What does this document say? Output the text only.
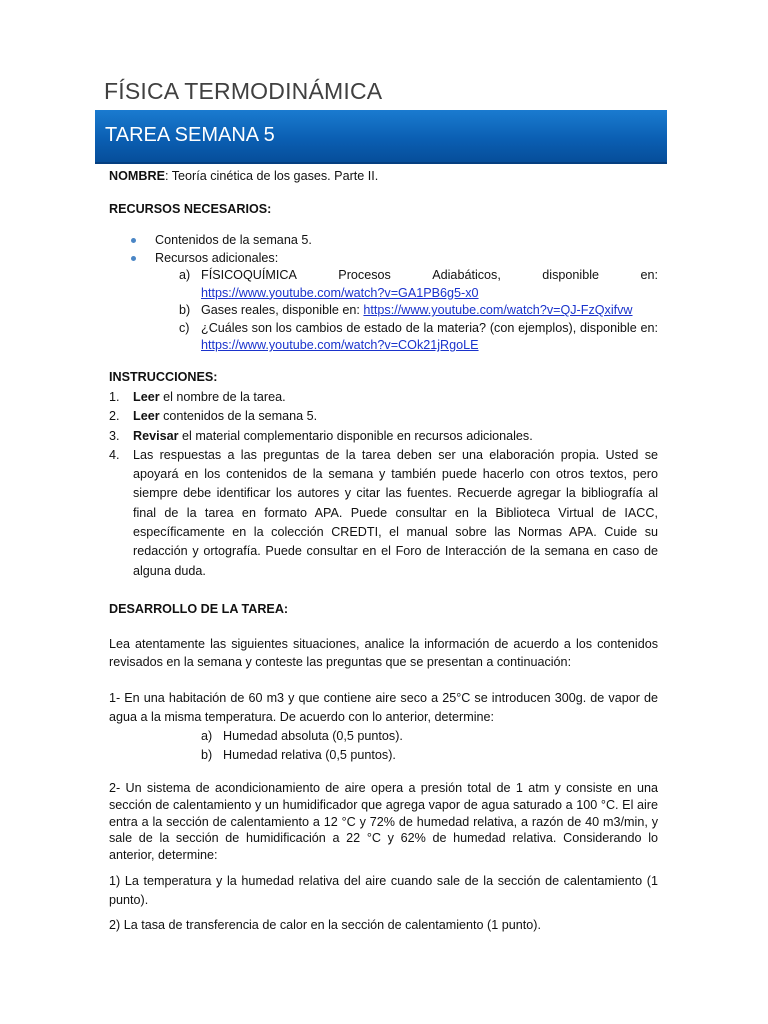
FÍSICA TERMODINÁMICA
TAREA SEMANA 5

NOMBRE: Teoría cinética de los gases. Parte II.

RECURSOS NECESARIOS:

Contenidos de la semana 5.
Recursos adicionales:
a) FÍSICOQUÍMICA	Procesos	Adiabáticos,	disponible	en:
https://www.youtube.com/watch?v=GA1PB6g5-x0
b) Gases reales, disponible en: https://www.youtube.com/watch?v=QJ-FzQxifvw
c) ¿Cuáles son los cambios de estado de la materia? (con ejemplos), disponible en: https://www.youtube.com/watch?v=COk21jRgoLE

INSTRUCCIONES:

1. Leer el nombre de la tarea.
2. Leer contenidos de la semana 5.
3. Revisar el material complementario disponible en recursos adicionales.
4. Las respuestas a las preguntas de la tarea deben ser una elaboración propia. Usted se apoyará en los contenidos de la semana y también puede hacerlo con otros textos, pero siempre debe identificar los autores y citar las fuentes. Recuerde agregar la bibliografía al final de la tarea en formato APA. Puede consultar en la Biblioteca Virtual de IACC, específicamente en la colección CREDTI, el manual sobre las Normas APA. Cuide su redacción y ortografía. Puede consultar en el Foro de Interacción de la semana en caso de alguna duda.

DESARROLLO DE LA TAREA:

Lea atentamente las siguientes situaciones, analice la información de acuerdo a los contenidos revisados en la semana y conteste las preguntas que se presentan a continuación:

1- En una habitación de 60 m3 y que contiene aire seco a 25°C se introducen 300g. de vapor de agua a la misma temperatura. De acuerdo con lo anterior, determine:

a) Humedad absoluta (0,5 puntos).
b) Humedad relativa (0,5 puntos).

2- Un sistema de acondicionamiento de aire opera a presión total de 1 atm y consiste en una sección de calentamiento y un humidificador que agrega vapor de agua saturado a 100 °C. El aire entra a la sección de calentamiento a 12 °C y 72% de humedad relativa, a razón de 40 m3/min, y sale de la sección de humidificación a 22 °C y 62% de humedad relativa. Considerando lo anterior, determine:

1) La temperatura y la humedad relativa del aire cuando sale de la sección de calentamiento (1 punto).

2) La tasa de transferencia de calor en la sección de calentamiento (1 punto).
